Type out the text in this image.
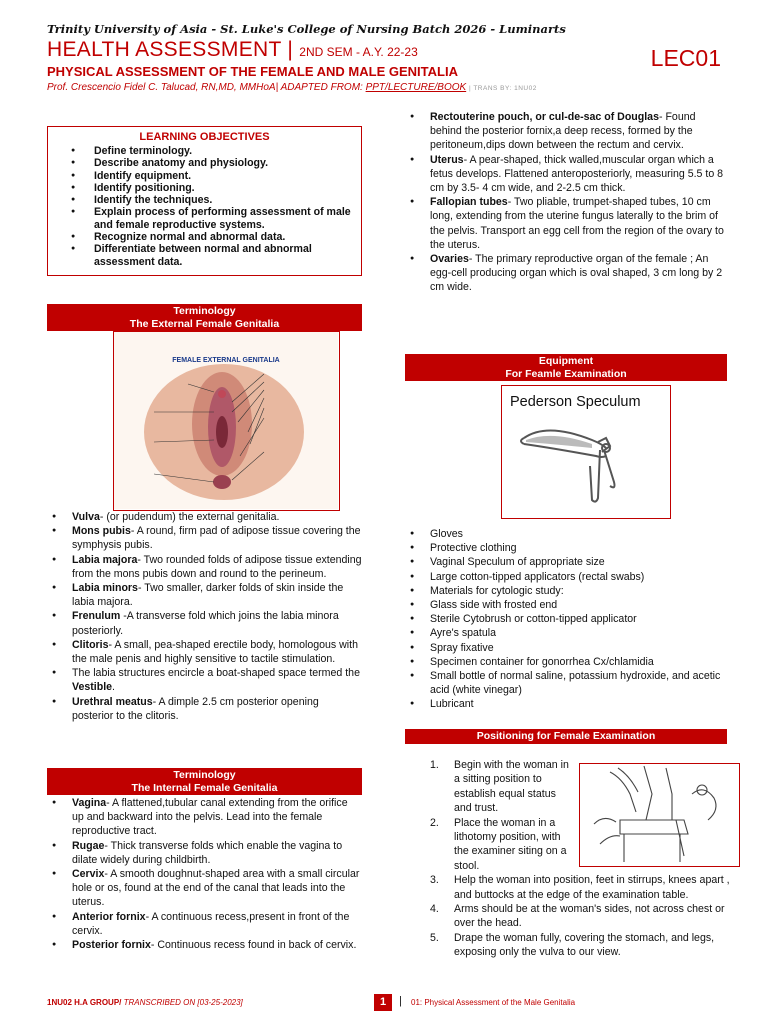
Trinity University of Asia - St. Luke's College of Nursing Batch 2026 - Luminarts
HEALTH ASSESSMENT | 2ND SEM - A.Y. 22-23	LEC01
PHYSICAL ASSESSMENT OF THE FEMALE AND MALE GENITALIA
Prof. Crescencio Fidel C. Talucad, RN,MD, MMHoA| ADAPTED FROM: PPT/LECTURE/BOOK | TRANS BY: 1NU02
LEARNING OBJECTIVES
● Define terminology.
● Describe anatomy and physiology.
● Identify equipment.
● Identify positioning.
● Identify the techniques.
● Explain process of performing assessment of male and female reproductive systems.
● Recognize normal and abnormal data.
● Differentiate between normal and abnormal assessment data.
Terminology
The External Female Genitalia
FEMALE EXTERNAL GENITALIA
● Vulva- (or pudendum) the external genitalia.
● Mons pubis- A round, firm pad of adipose tissue covering the symphysis pubis.
● Labia majora- Two rounded folds of adipose tissue extending from the mons pubis down and round to the perineum.
● Labia minors- Two smaller, darker folds of skin inside the labia majora.
● Frenulum -A transverse fold which joins the labia minora posteriorly.
● Clitoris- A small, pea-shaped erectile body, homologous with the male penis and highly sensitive to tactile stimulation.
● The labia structures encircle a boat-shaped space termed the Vestible.
● Urethral meatus- A dimple 2.5 cm posterior opening posterior to the clitoris.
Terminology
The Internal Female Genitalia
● Vagina- A flattened,tubular canal extending from the orifice up and backward into the pelvis. Lead into the female reproductive tract.
● Rugae- Thick transverse folds which enable the vagina to dilate widely during childbirth.
● Cervix- A smooth doughnut-shaped area with a small circular hole or os, found at the end of the canal that leads into the uterus.
● Anterior fornix- A continuous recess,present in front of the cervix.
● Posterior fornix- Continuous recess found in back of cervix.
● Rectouterine pouch, or cul-de-sac of Douglas- Found behind the posterior fornix,a deep recess, formed by the peritoneum,dips down between the rectum and cervix.
● Uterus- A pear-shaped, thick walled,muscular organ which a fetus develops. Flattened anteroposteriorly, measuring 5.5 to 8 cm by 3.5- 4 cm wide, and 2-2.5 cm thick.
● Fallopian tubes- Two pliable, trumpet-shaped tubes, 10 cm long, extending from the uterine fungus laterally to the brim of the pelvis. Transport an egg cell from the region of the ovary to the uterus.
● Ovaries- The primary reproductive organ of the female ; An egg-cell producing organ which is oval shaped, 3 cm long by 2 cm wide.
Equipment
For Feamle Examination
Pederson Speculum
● Gloves
● Protective clothing
● Vaginal Speculum of appropriate size
● Large cotton-tipped applicators (rectal swabs)
● Materials for cytologic study:
● Glass side with frosted end
● Sterile Cytobrush or cotton-tipped applicator
● Ayre's spatula
● Spray fixative
● Specimen container for gonorrhea Cx/chlamidia
● Small bottle of normal saline, potassium hydroxide, and acetic acid (white vinegar)
● Lubricant
Positioning for Female Examination
1. Begin with the woman in a sitting position to establish equal status and trust.
2. Place the woman in a lithotomy position, with the examiner siting on a stool.
3. Help the woman into position, feet in stirrups, knees apart , and buttocks at the edge of the examination table.
4. Arms should be at the woman's sides, not across chest or over the head.
5. Drape the woman fully, covering the stomach, and legs, exposing only the vulva to our view.
1NU02 H.A GROUP/ TRANSCRIBED ON [03-25-2023]	1	| 01: Physical Assessment of the Male Genitalia
